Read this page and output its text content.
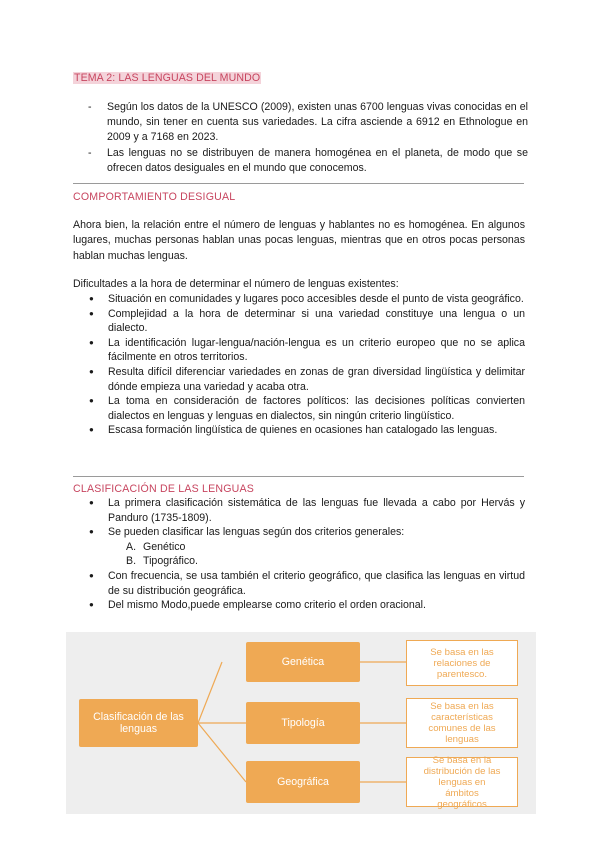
TEMA 2: LAS LENGUAS DEL MUNDO
- Según los datos de la UNESCO (2009), existen unas 6700 lenguas vivas conocidas en el mundo, sin tener en cuenta sus variedades. La cifra asciende a 6912 en Ethnologue en 2009 y a 7168 en 2023.
- Las lenguas no se distribuyen de manera homogénea en el planeta, de modo que se ofrecen datos desiguales en el mundo que conocemos.
COMPORTAMIENTO DESIGUAL
Ahora bien, la relación entre el número de lenguas y hablantes no es homogénea. En algunos lugares, muchas personas hablan unas pocas lenguas, mientras que en otros pocas personas hablan muchas lenguas.
Dificultades a la hora de determinar el número de lenguas existentes:
● Situación en comunidades y lugares poco accesibles desde el punto de vista geográfico.
● Complejidad a la hora de determinar si una variedad constituye una lengua o un dialecto.
● La identificación lugar-lengua/nación-lengua es un criterio europeo que no se aplica fácilmente en otros territorios.
● Resulta difícil diferenciar variedades en zonas de gran diversidad lingüística y delimitar dónde empieza una variedad y acaba otra.
● La toma en consideración de factores políticos: las decisiones políticas convierten dialectos en lenguas y lenguas en dialectos, sin ningún criterio lingüístico.
● Escasa formación lingüística de quienes en ocasiones han catalogado las lenguas.
CLASIFICACIÓN DE LAS LENGUAS
● La primera clasificación sistemática de las lenguas fue llevada a cabo por Hervás y Panduro (1735-1809).
● Se pueden clasificar las lenguas según dos criterios generales:
A. Genético
B. Tipográfico.
● Con frecuencia, se usa también el criterio geográfico, que clasifica las lenguas en virtud de su distribución geográfica.
● Del mismo Modo,puede emplearse como criterio el orden oracional.
Clasificación de las lenguas
Genética
Tipología
Geográfica
Se basa en las relaciones de parentesco.
Se basa en las características comunes de las lenguas
Se basa en la distribución de las lenguas en ámbitos geográficos
